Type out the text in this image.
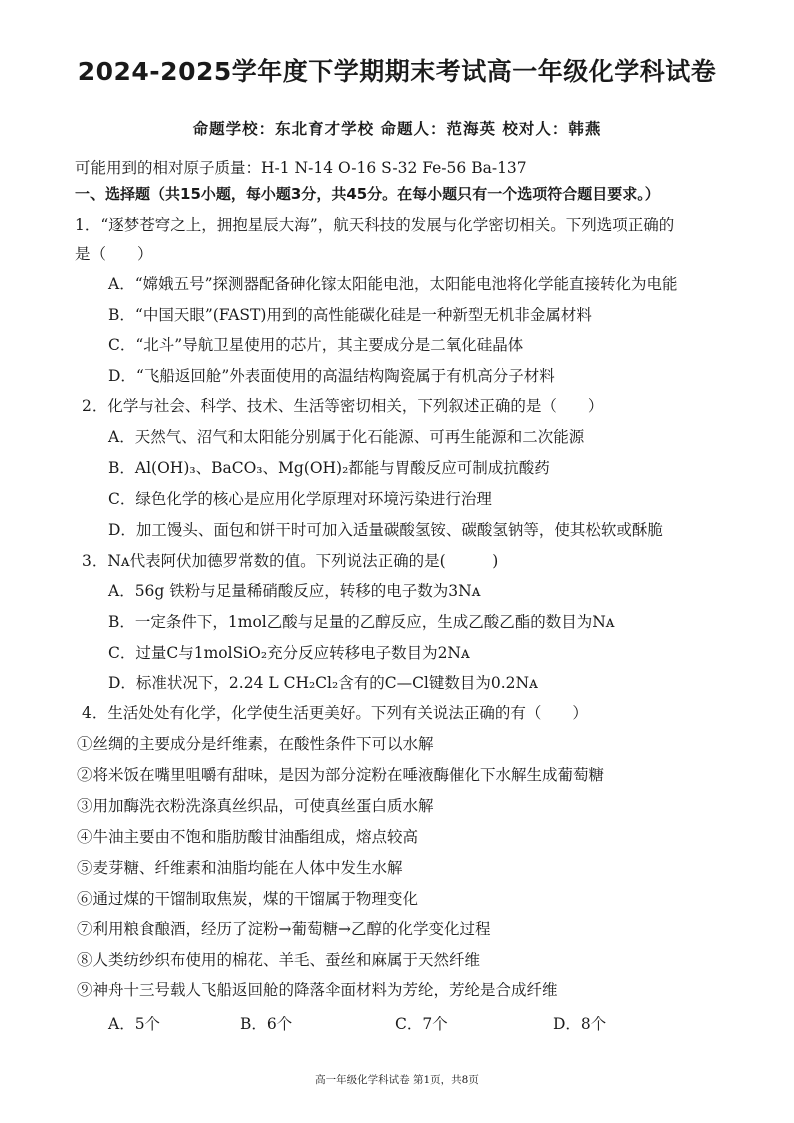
2024-2025学年度下学期期末考试高一年级化学科试卷
命题学校：东北育才学校 命题人：范海英 校对人：韩燕
可能用到的相对原子质量：H-1 N-14 O-16 S-32 Fe-56 Ba-137
一、选择题（共15小题，每小题3分，共45分。在每小题只有一个选项符合题目要求。）
1．“逐梦苍穹之上，拥抱星辰大海”，航天科技的发展与化学密切相关。下列选项正确的
是（　　）
A．“嫦娥五号”探测器配备砷化镓太阳能电池，太阳能电池将化学能直接转化为电能
B．“中国天眼”(FAST)用到的高性能碳化硅是一种新型无机非金属材料
C．“北斗”导航卫星使用的芯片，其主要成分是二氧化硅晶体
D．“飞船返回舱”外表面使用的高温结构陶瓷属于有机高分子材料
2．化学与社会、科学、技术、生活等密切相关，下列叙述正确的是（　　）
A．天然气、沼气和太阳能分别属于化石能源、可再生能源和二次能源
B．Al(OH)₃、BaCO₃、Mg(OH)₂都能与胃酸反应可制成抗酸药
C．绿色化学的核心是应用化学原理对环境污染进行治理
D．加工馒头、面包和饼干时可加入适量碳酸氢铵、碳酸氢钠等，使其松软或酥脆
3．Nᴀ代表阿伏加德罗常数的值。下列说法正确的是(　　　)
A．56g 铁粉与足量稀硝酸反应，转移的电子数为3Nᴀ
B．一定条件下，1mol乙酸与足量的乙醇反应，生成乙酸乙酯的数目为Nᴀ
C．过量C与1molSiO₂充分反应转移电子数目为2Nᴀ
D．标准状况下，2.24 L CH₂Cl₂含有的C—Cl键数目为0.2Nᴀ
4．生活处处有化学，化学使生活更美好。下列有关说法正确的有（　　）
①丝绸的主要成分是纤维素，在酸性条件下可以水解
②将米饭在嘴里咀嚼有甜味，是因为部分淀粉在唾液酶催化下水解生成葡萄糖
③用加酶洗衣粉洗涤真丝织品，可使真丝蛋白质水解
④牛油主要由不饱和脂肪酸甘油酯组成，熔点较高
⑤麦芽糖、纤维素和油脂均能在人体中发生水解
⑥通过煤的干馏制取焦炭，煤的干馏属于物理变化
⑦利用粮食酿酒，经历了淀粉→葡萄糖→乙醇的化学变化过程
⑧人类纺纱织布使用的棉花、羊毛、蚕丝和麻属于天然纤维
⑨神舟十三号载人飞船返回舱的降落伞面材料为芳纶，芳纶是合成纤维
A．5个	B．6个	C．7个	D．8个
高一年级化学科试卷 第1页，共8页
